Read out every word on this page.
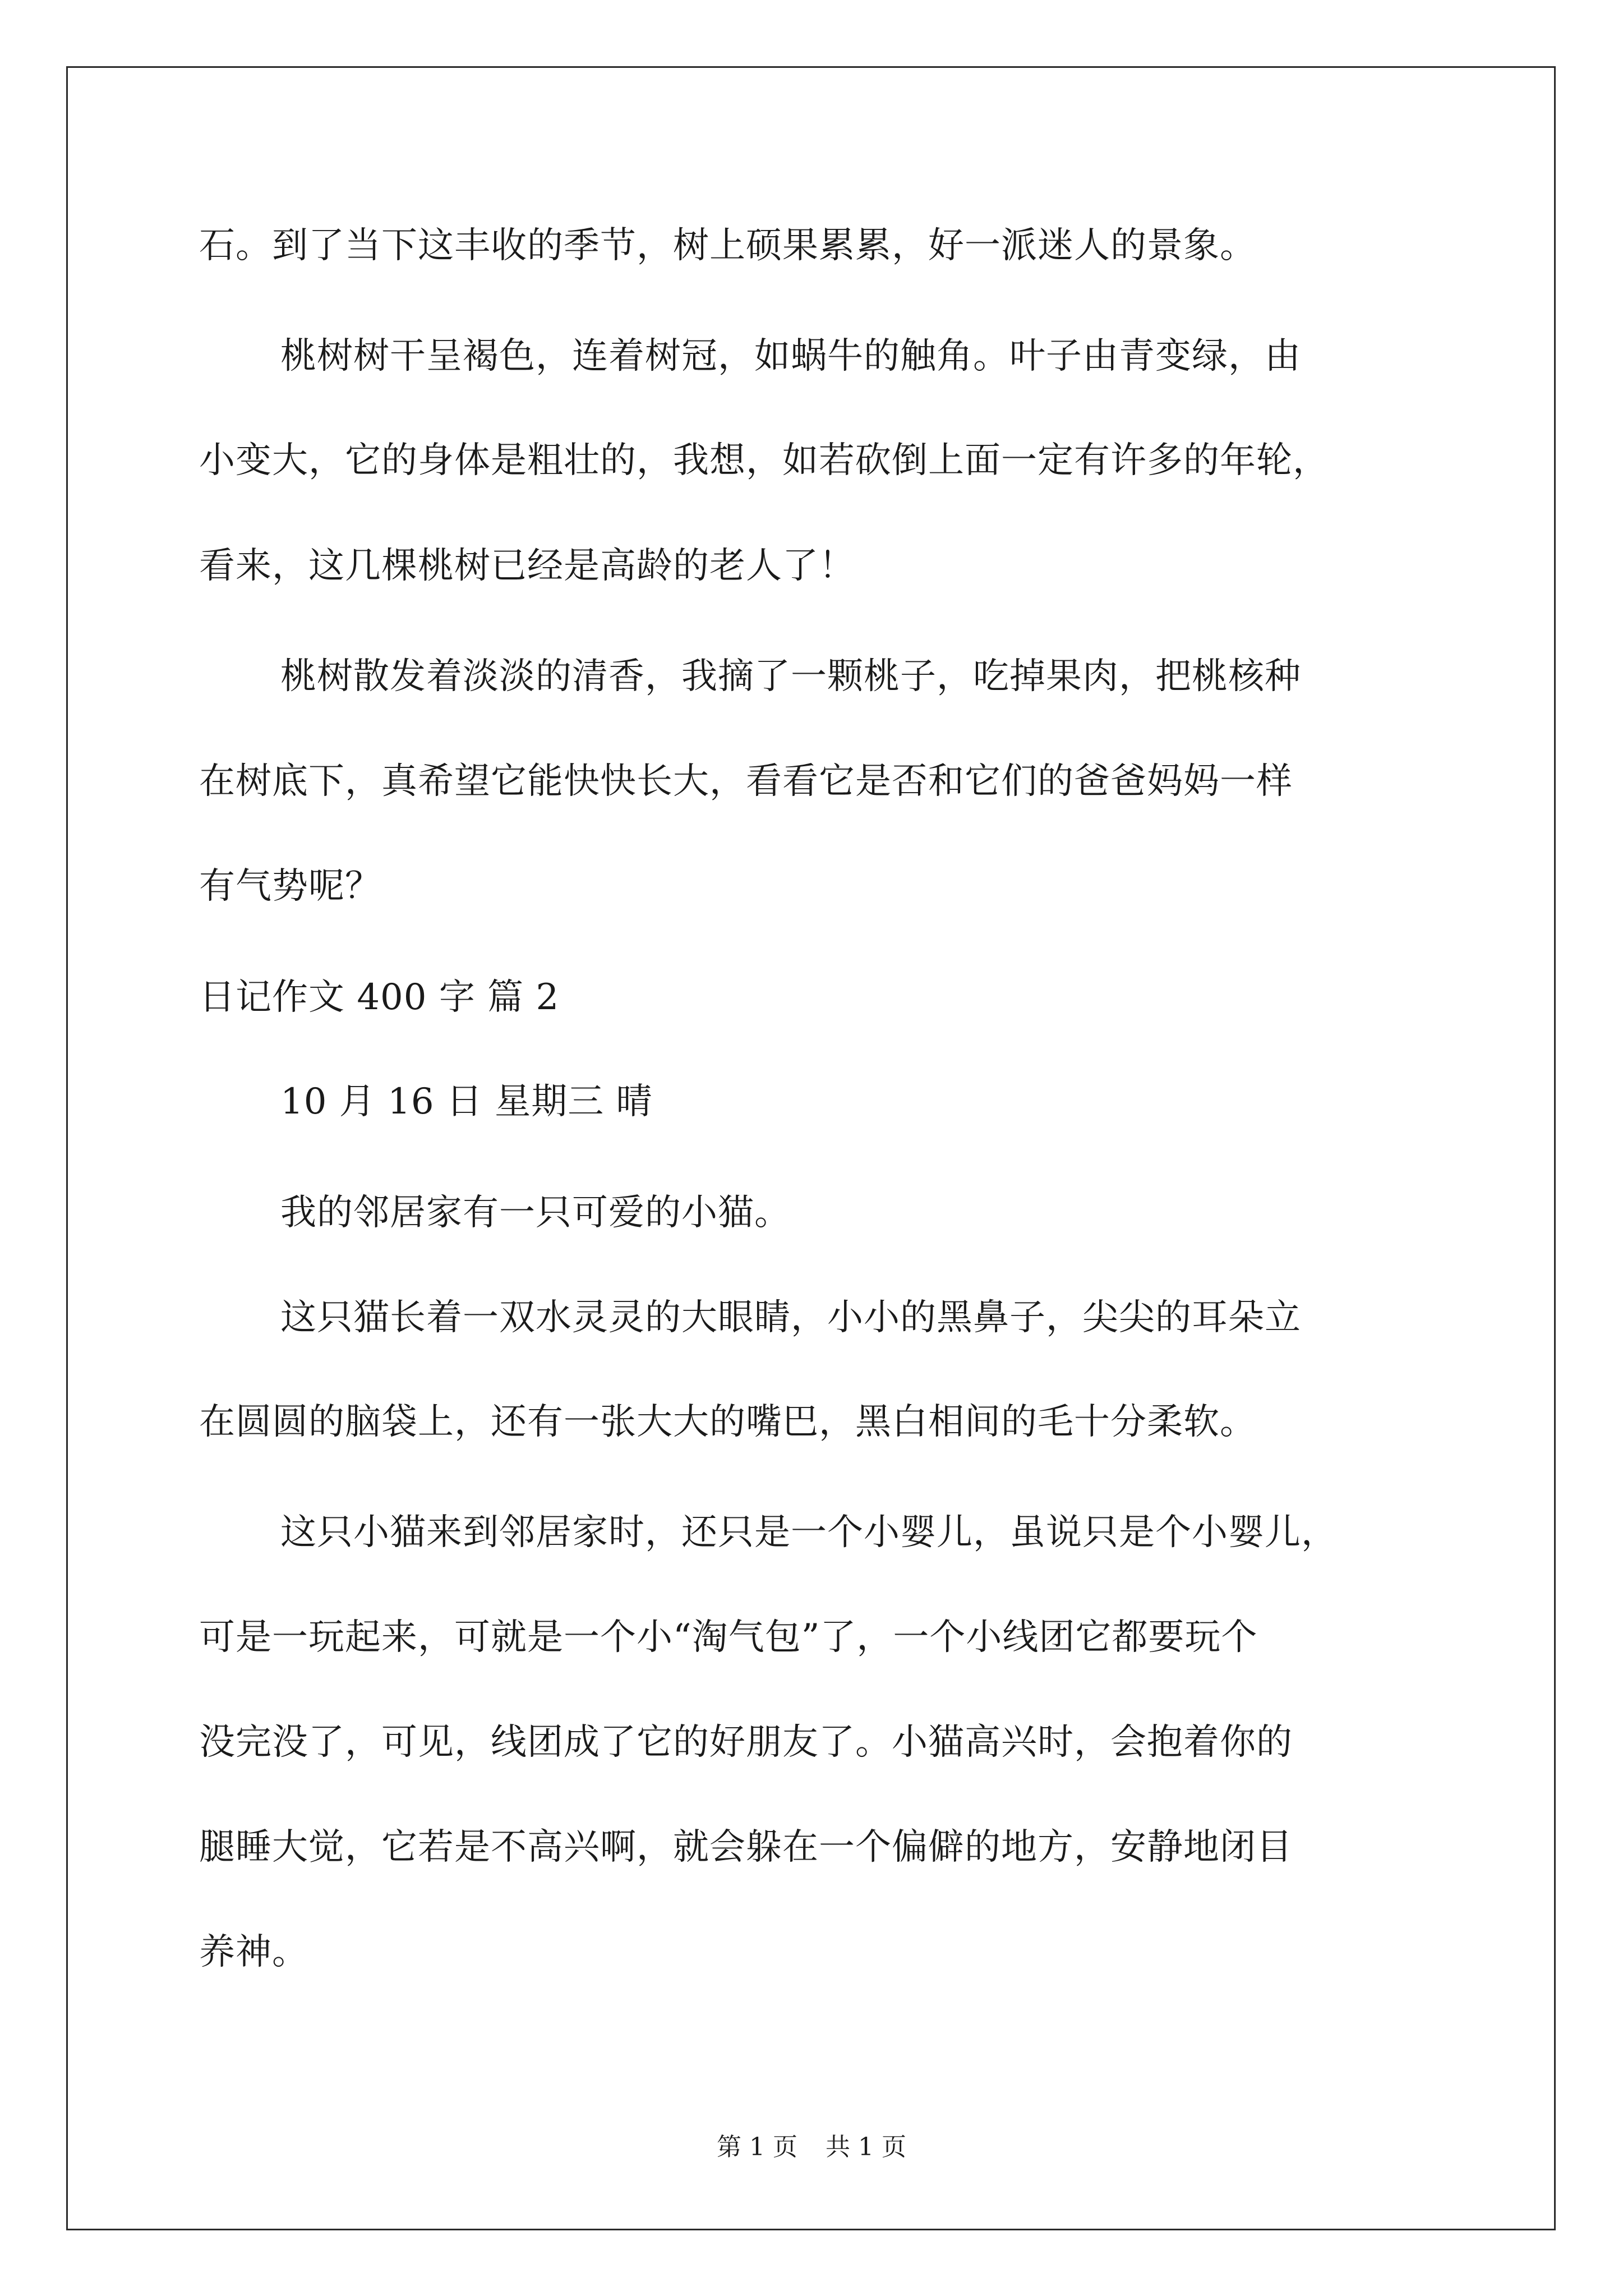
石。到了当下这丰收的季节，树上硕果累累，好一派迷人的景象。
桃树树干呈褐色，连着树冠，如蜗牛的触角。叶子由青变绿，由
小变大，它的身体是粗壮的，我想，如若砍倒上面一定有许多的年轮，
看来，这几棵桃树已经是高龄的老人了！
桃树散发着淡淡的清香，我摘了一颗桃子，吃掉果肉，把桃核种
在树底下，真希望它能快快长大，看看它是否和它们的爸爸妈妈一样
有气势呢？
日记作文 400 字 篇 2
10 月 16 日 星期三 晴
我的邻居家有一只可爱的小猫。
这只猫长着一双水灵灵的大眼睛，小小的黑鼻子，尖尖的耳朵立
在圆圆的脑袋上，还有一张大大的嘴巴，黑白相间的毛十分柔软。
这只小猫来到邻居家时，还只是一个小婴儿，虽说只是个小婴儿，
可是一玩起来，可就是一个小“淘气包”了，一个小线团它都要玩个
没完没了，可见，线团成了它的好朋友了。小猫高兴时，会抱着你的
腿睡大觉，它若是不高兴啊，就会躲在一个偏僻的地方，安静地闭目
养神。
第 1 页 共 1 页
